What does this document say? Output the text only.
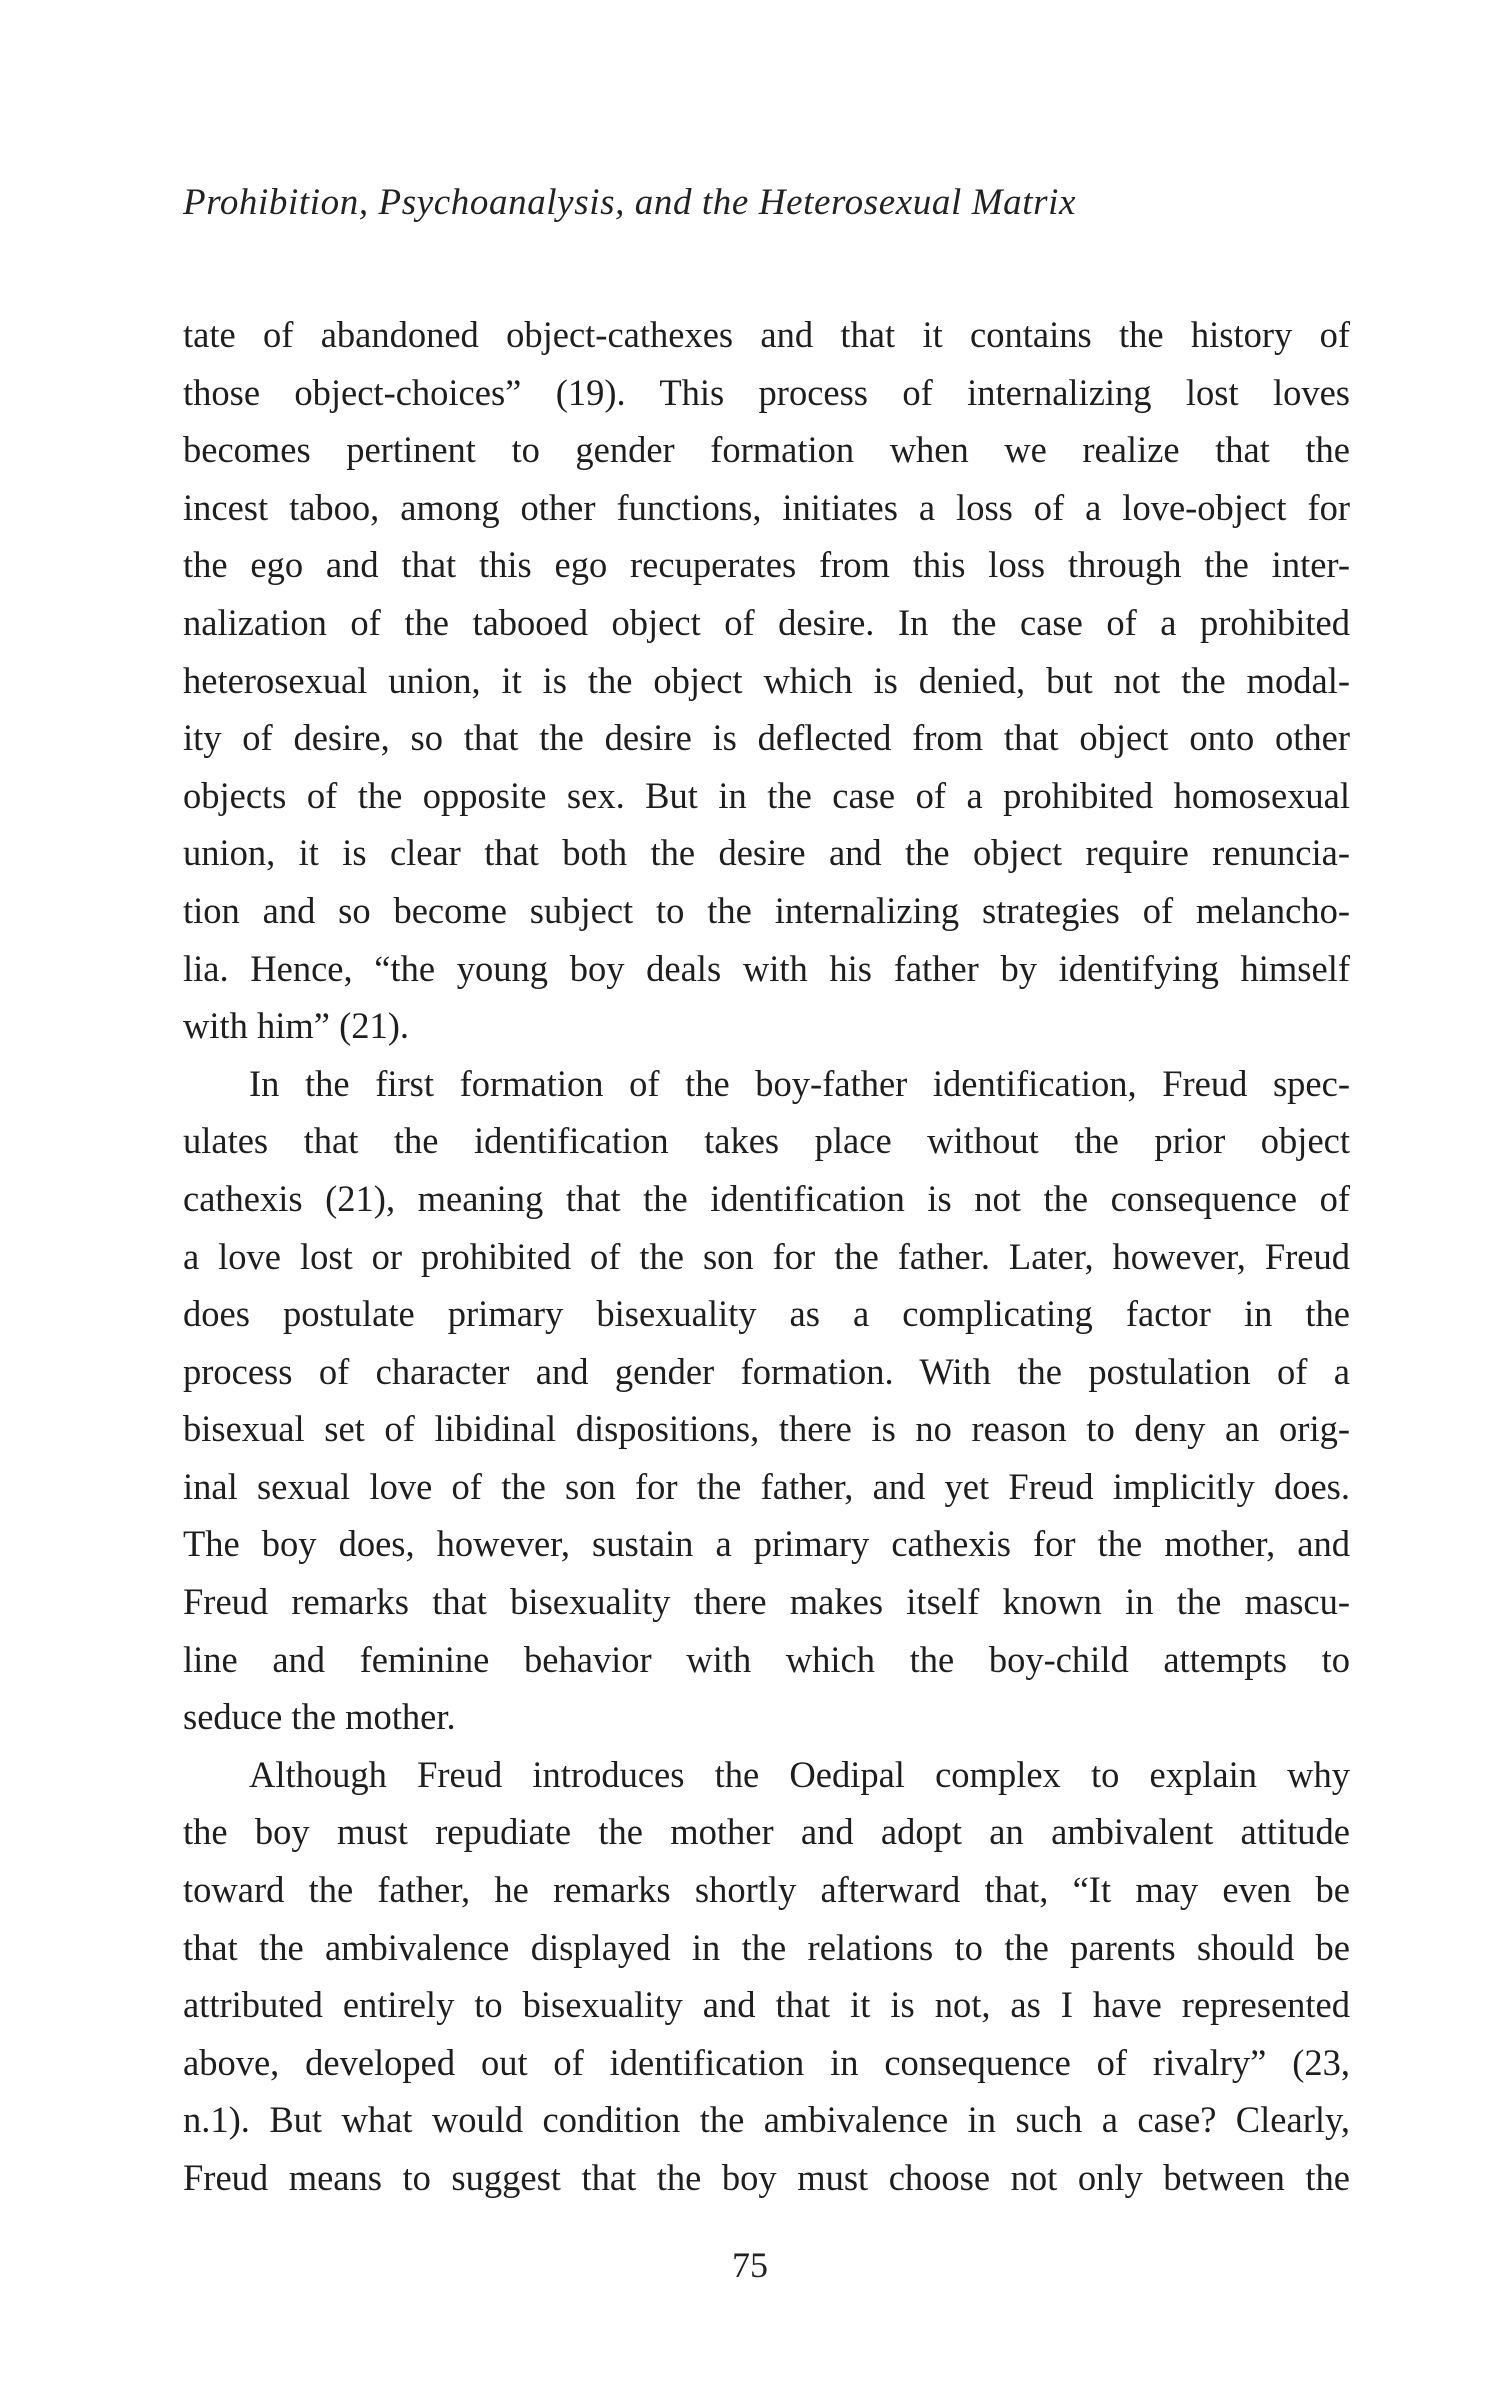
Prohibition, Psychoanalysis, and the Heterosexual Matrix
tate of abandoned object-cathexes and that it contains the history of
those object-choices” (19). This process of internalizing lost loves
becomes pertinent to gender formation when we realize that the
incest taboo, among other functions, initiates a loss of a love-object for
the ego and that this ego recuperates from this loss through the inter-
nalization of the tabooed object of desire. In the case of a prohibited
heterosexual union, it is the object which is denied, but not the modal-
ity of desire, so that the desire is deflected from that object onto other
objects of the opposite sex. But in the case of a prohibited homosexual
union, it is clear that both the desire and the object require renuncia-
tion and so become subject to the internalizing strategies of melancho-
lia. Hence, “the young boy deals with his father by identifying himself
with him” (21).
In the first formation of the boy-father identification, Freud spec-
ulates that the identification takes place without the prior object
cathexis (21), meaning that the identification is not the consequence of
a love lost or prohibited of the son for the father. Later, however, Freud
does postulate primary bisexuality as a complicating factor in the
process of character and gender formation. With the postulation of a
bisexual set of libidinal dispositions, there is no reason to deny an orig-
inal sexual love of the son for the father, and yet Freud implicitly does.
The boy does, however, sustain a primary cathexis for the mother, and
Freud remarks that bisexuality there makes itself known in the mascu-
line and feminine behavior with which the boy-child attempts to
seduce the mother.
Although Freud introduces the Oedipal complex to explain why
the boy must repudiate the mother and adopt an ambivalent attitude
toward the father, he remarks shortly afterward that, “It may even be
that the ambivalence displayed in the relations to the parents should be
attributed entirely to bisexuality and that it is not, as I have represented
above, developed out of identification in consequence of rivalry” (23,
n.1). But what would condition the ambivalence in such a case? Clearly,
Freud means to suggest that the boy must choose not only between the
75
